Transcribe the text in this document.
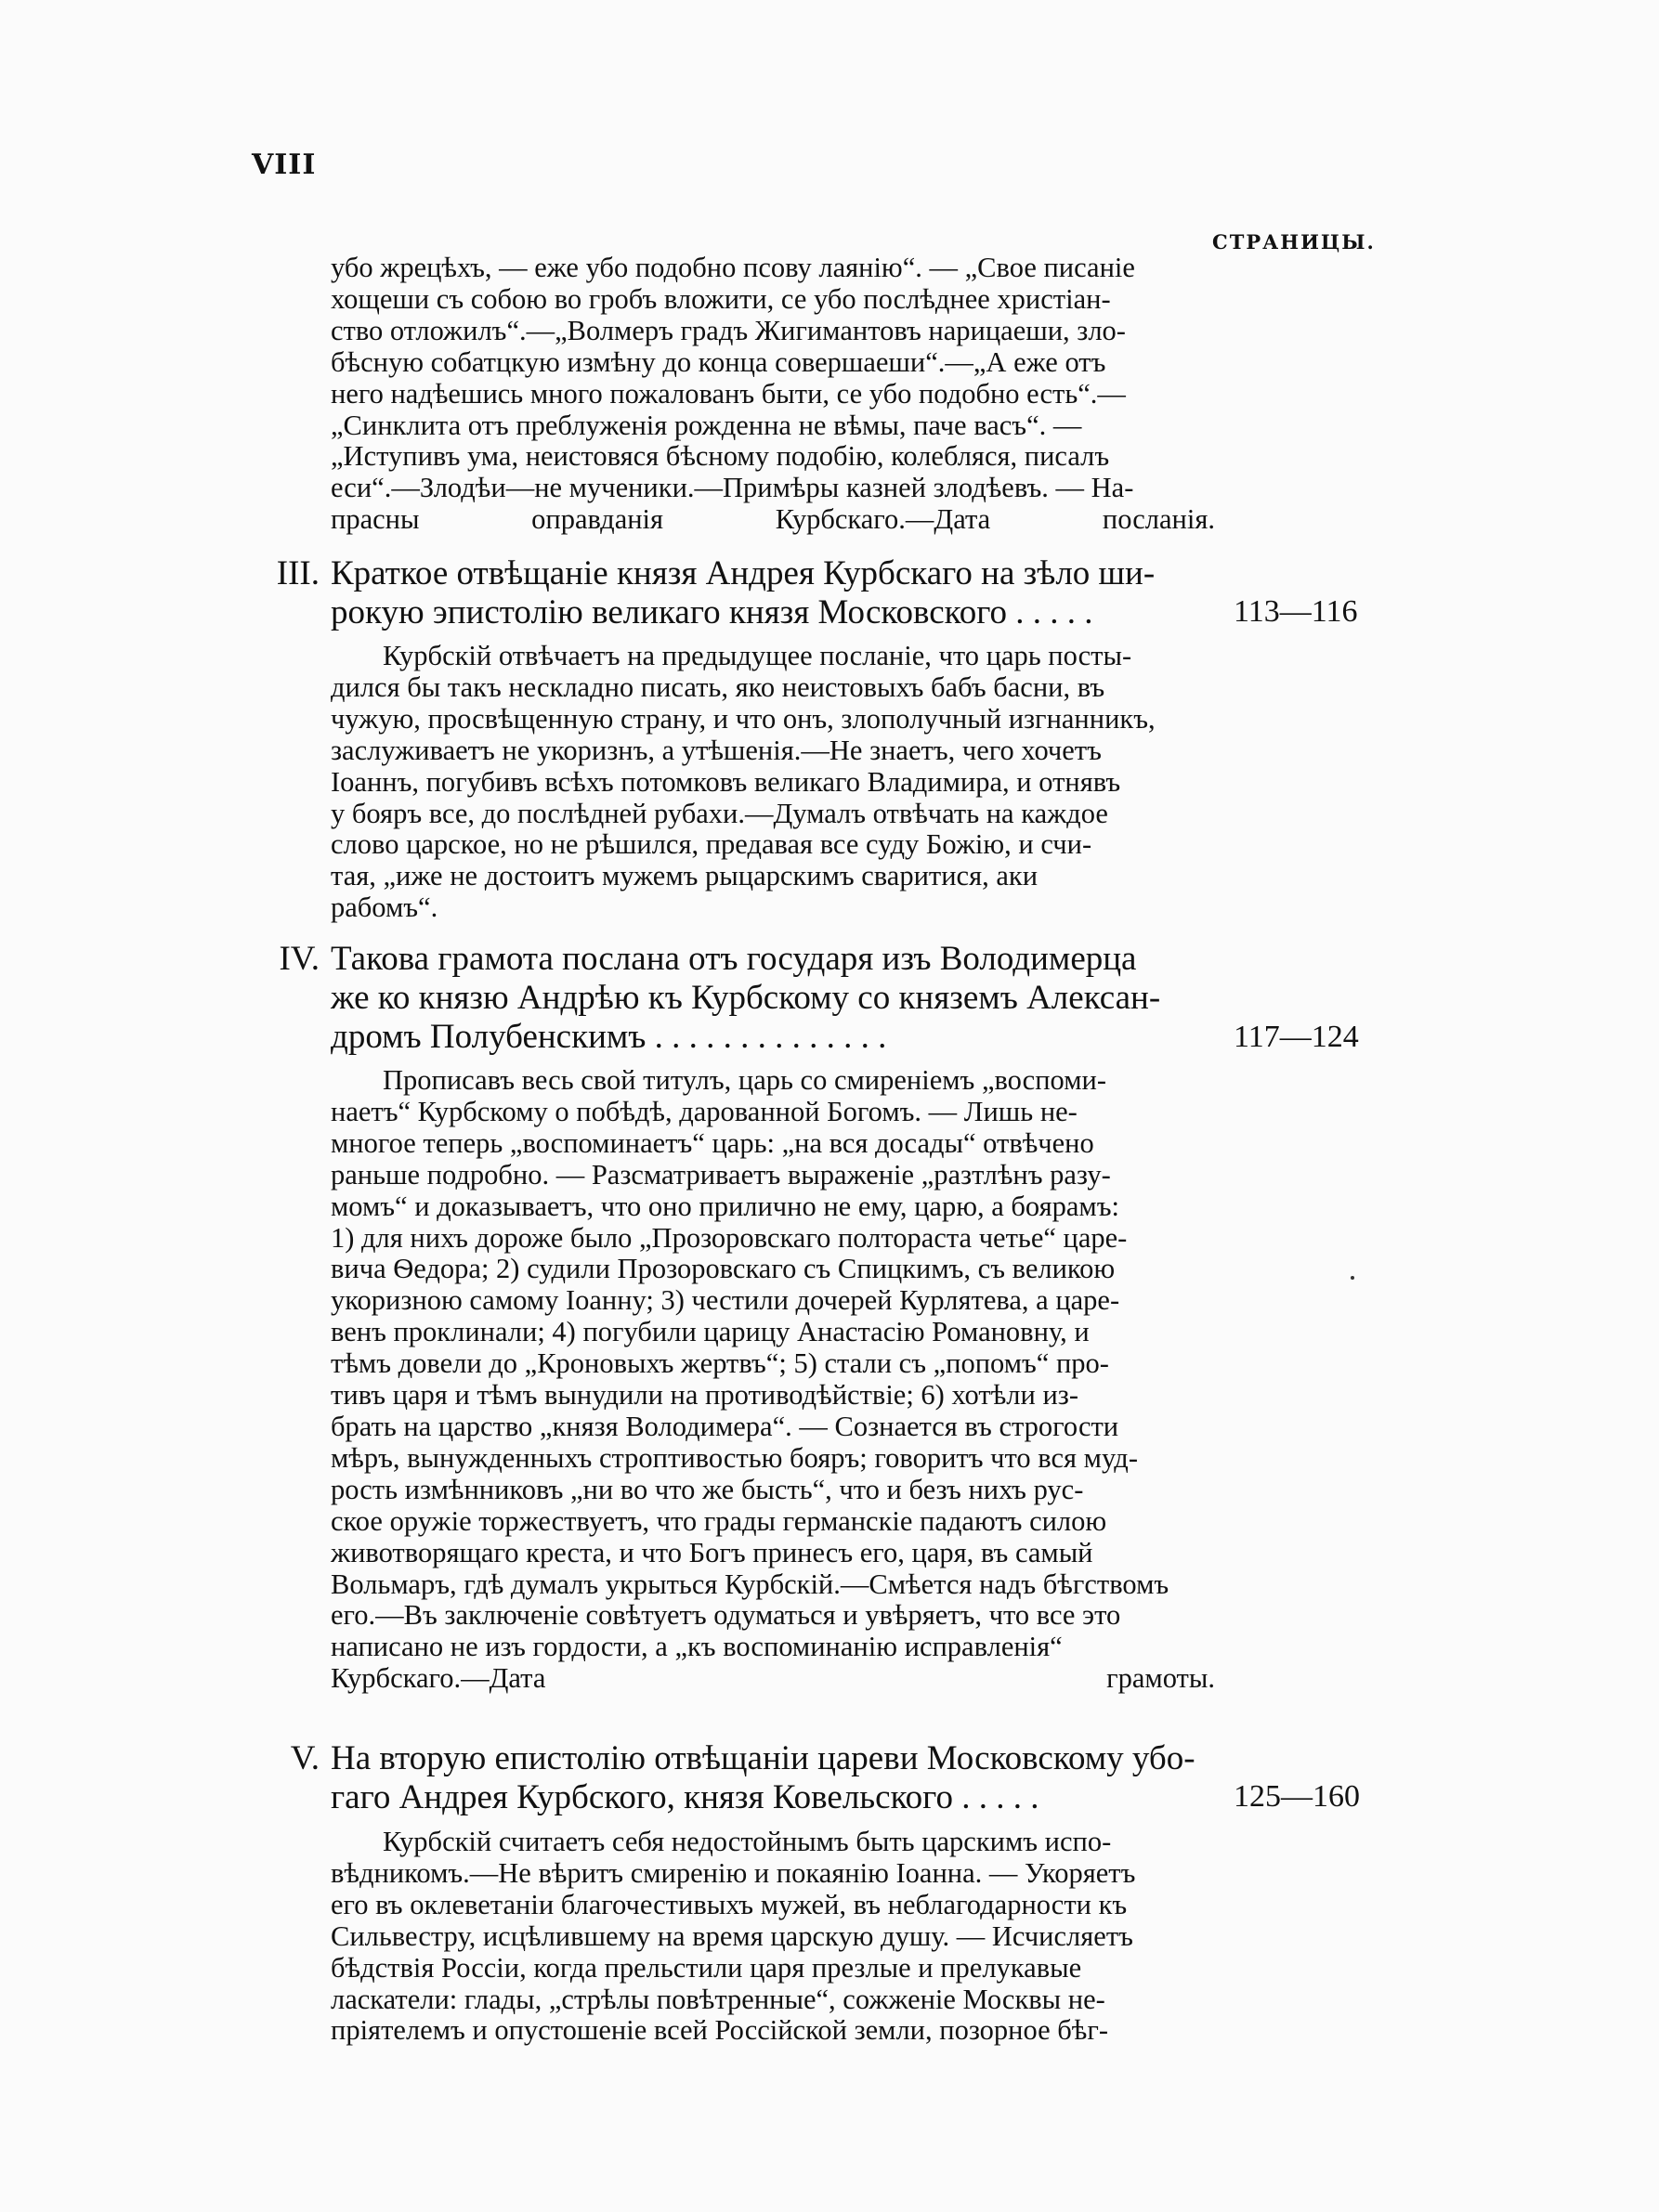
VIII
СТРАНИЦЫ.
убо жрецѣхъ, — еже убо подобно псову лаянію“. — „Свое писаніе
хощеши съ собою во гробъ вложити, се убо послѣднее христіан-
ство отложилъ“.—„Волмеръ градъ Жигимантовъ нарицаеши, зло-
бѣсную собатцкую измѣну до конца совершаеши“.—„А еже отъ
него надѣешись много пожалованъ быти, се убо подобно есть“.—
„Синклита отъ преблуженія рожденна не вѣмы, паче васъ“. —
„Иступивъ ума, неистовяся бѣсному подобію, колебляся, писалъ
еси“.—Злодѣи—не мученики.—Примѣры казней злодѣевъ. — На-
прасны оправданія Курбскаго.—Дата посланія.
III. Краткое отвѣщаніе князя Андрея Курбскаго на зѣло ши-
рокую эпистолію великаго князя Московского . . . . .	113—116
Курбскій отвѣчаетъ на предыдущее посланіе, что царь посты-
дился бы такъ нескладно писать, яко неистовыхъ бабъ басни, въ
чужую, просвѣщенную страну, и что онъ, злополучный изгнанникъ,
заслуживаетъ не укоризнъ, а утѣшенія.—Не знаетъ, чего хочетъ
Іоаннъ, погубивъ всѣхъ потомковъ великаго Владимира, и отнявъ
у бояръ все, до послѣдней рубахи.—Думалъ отвѣчать на каждое
слово царское, но не рѣшился, предавая все суду Божію, и счи-
тая, „иже не достоитъ мужемъ рыцарскимъ сваритися, аки
рабомъ“.
IV. Такова грамота послана отъ государя изъ Володимерца
же ко князю Андрѣю къ Курбскому со княземъ Алексан-
дромъ Полубенскимъ . . . . . . . . . . . . . .	117—124
Прописавъ весь свой титулъ, царь со смиреніемъ „воспоми-
наетъ“ Курбскому о побѣдѣ, дарованной Богомъ. — Лишь не-
многое теперь „воспоминаетъ“ царь: „на вся досады“ отвѣчено
раньше подробно. — Разсматриваетъ выраженіе „разтлѣнъ разу-
момъ“ и доказываетъ, что оно прилично не ему, царю, а боярамъ:
1) для нихъ дороже было „Прозоровскаго полтораста четье“ царе-
вича Ѳедора; 2) судили Прозоровскаго съ Спицкимъ, съ великою
укоризною самому Іоанну; 3) честили дочерей Курлятева, а царе-
венъ проклинали; 4) погубили царицу Анастасію Романовну, и
тѣмъ довели до „Кроновыхъ жертвъ“; 5) стали съ „попомъ“ про-
тивъ царя и тѣмъ вынудили на противодѣйствіе; 6) хотѣли из-
брать на царство „князя Володимера“. — Сознается въ строгости
мѣръ, вынужденныхъ строптивостью бояръ; говоритъ что вся муд-
рость измѣнниковъ „ни во что же бысть“, что и безъ нихъ рус-
ское оружіе торжествуетъ, что грады германскіе падаютъ силою
животворящаго креста, и что Богъ принесъ его, царя, въ самый
Вольмаръ, гдѣ думалъ укрыться Курбскій.—Смѣется надъ бѣгствомъ
его.—Въ заключеніе совѣтуетъ одуматься и увѣряетъ, что все это
написано не изъ гордости, а „къ воспоминанію исправленія“
Курбскаго.—Дата грамоты.
V. На вторую епистолію отвѣщаніи цареви Московскому убо-
гаго Андрея Курбского, князя Ковельского . . . . .	125—160
Курбскій считаетъ себя недостойнымъ быть царскимъ испо-
вѣдникомъ.—Не вѣритъ смиренію и покаянію Іоанна. — Укоряетъ
его въ оклеветаніи благочестивыхъ мужей, въ неблагодарности къ
Сильвестру, исцѣлившему на время царскую душу. — Исчисляетъ
бѣдствія Россіи, когда прельстили царя презлые и прелукавые
ласкатели: глады, „стрѣлы повѣтренные“, сожженіе Москвы не-
пріятелемъ и опустошеніе всей Россійской земли, позорное бѣг-
